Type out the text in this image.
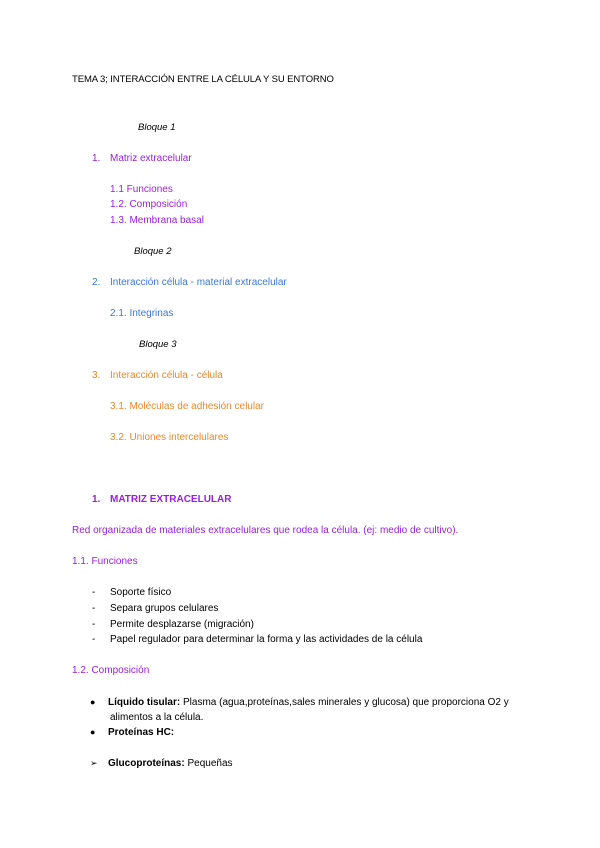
TEMA 3; INTERACCIÓN ENTRE LA CÉLULA Y SU ENTORNO
Bloque 1
1. Matriz extracelular
1.1 Funciones
1.2. Composición
1.3. Membrana basal
Bloque 2
2. Interacción célula - material extracelular
2.1. Integrinas
Bloque 3
3. Interacción célula - célula
3.1. Moléculas de adhesión celular
3.2. Uniones intercelulares
1. MATRIZ EXTRACELULAR
Red organizada de materiales extracelulares que rodea la célula. (ej: medio de cultivo).
1.1. Funciones
- Soporte físico
- Separa grupos celulares
- Permite desplazarse (migración)
- Papel regulador para determinar la forma y las actividades de la célula
1.2. Composición
● Líquido tisular: Plasma (agua,proteínas,sales minerales y glucosa) que proporciona O2 y
alimentos a la célula.
● Proteínas HC:
➢ Glucoproteínas: Pequeñas
